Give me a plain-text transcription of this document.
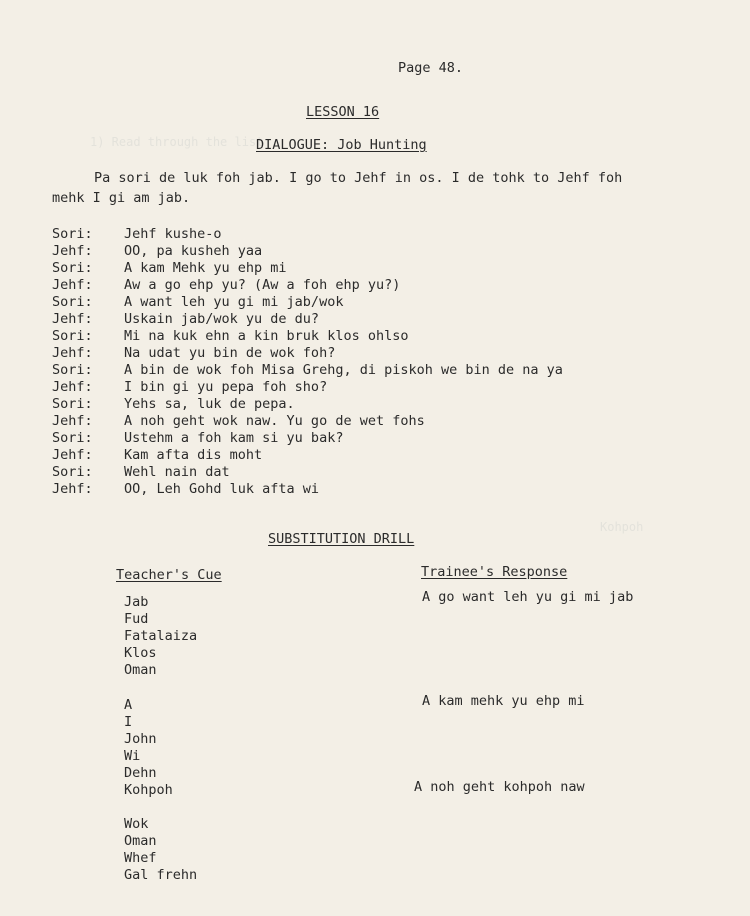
1) Read through the list
Kohpoh
Page 48.
LESSON 16
DIALOGUE: Job Hunting
Pa sori de luk foh jab. I go to Jehf in os. I de tohk to Jehf foh
mehk I gi am jab.
Sori: Jehf kushe-o
Jehf: OO, pa kusheh yaa
Sori: A kam Mehk yu ehp mi
Jehf: Aw a go ehp yu? (Aw a foh ehp yu?)
Sori: A want leh yu gi mi jab/wok
Jehf: Uskain jab/wok yu de du?
Sori: Mi na kuk ehn a kin bruk klos ohlso
Jehf: Na udat yu bin de wok foh?
Sori: A bin de wok foh Misa Grehg, di piskoh we bin de na ya
Jehf: I bin gi yu pepa foh sho?
Sori: Yehs sa, luk de pepa.
Jehf: A noh geht wok naw. Yu go de wet fohs
Sori: Ustehm a foh kam si yu bak?
Jehf: Kam afta dis moht
Sori: Wehl nain dat
Jehf: OO, Leh Gohd luk afta wi
SUBSTITUTION DRILL
Teacher's Cue	Trainee's Response
Jab
Fud
Fatalaiza
Klos
Oman
A go want leh yu gi mi jab
A
I
John
Wi
Dehn
Kohpoh
A kam mehk yu ehp mi
Wok
Oman
Whef
Gal frehn
A noh geht kohpoh naw
